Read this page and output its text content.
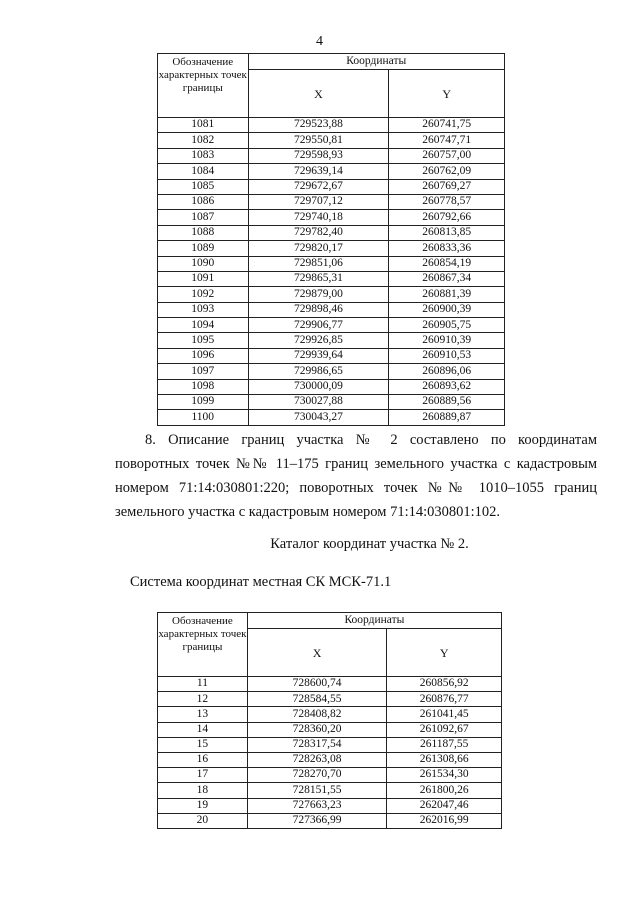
4
Обозначение характерных точек границы	Координаты	
	X	Y
1081	729523,88	260741,75
1082	729550,81	260747,71
1083	729598,93	260757,00
1084	729639,14	260762,09
1085	729672,67	260769,27
1086	729707,12	260778,57
1087	729740,18	260792,66
1088	729782,40	260813,85
1089	729820,17	260833,36
1090	729851,06	260854,19
1091	729865,31	260867,34
1092	729879,00	260881,39
1093	729898,46	260900,39
1094	729906,77	260905,75
1095	729926,85	260910,39
1096	729939,64	260910,53
1097	729986,65	260896,06
1098	730000,09	260893,62
1099	730027,88	260889,56
1100	730043,27	260889,87
8. Описание границ участка № 2 составлено по координатам поворотных точек №№ 11–175 границ земельного участка с кадастровым номером 71:14:030801:220; поворотных точек №№ 1010–1055 границ земельного участка с кадастровым номером 71:14:030801:102.
Каталог координат участка № 2.
Система координат местная СК МСК-71.1
Обозначение характерных точек границы	Координаты	
	X	Y
11	728600,74	260856,92
12	728584,55	260876,77
13	728408,82	261041,45
14	728360,20	261092,67
15	728317,54	261187,55
16	728263,08	261308,66
17	728270,70	261534,30
18	728151,55	261800,26
19	727663,23	262047,46
20	727366,99	262016,99
